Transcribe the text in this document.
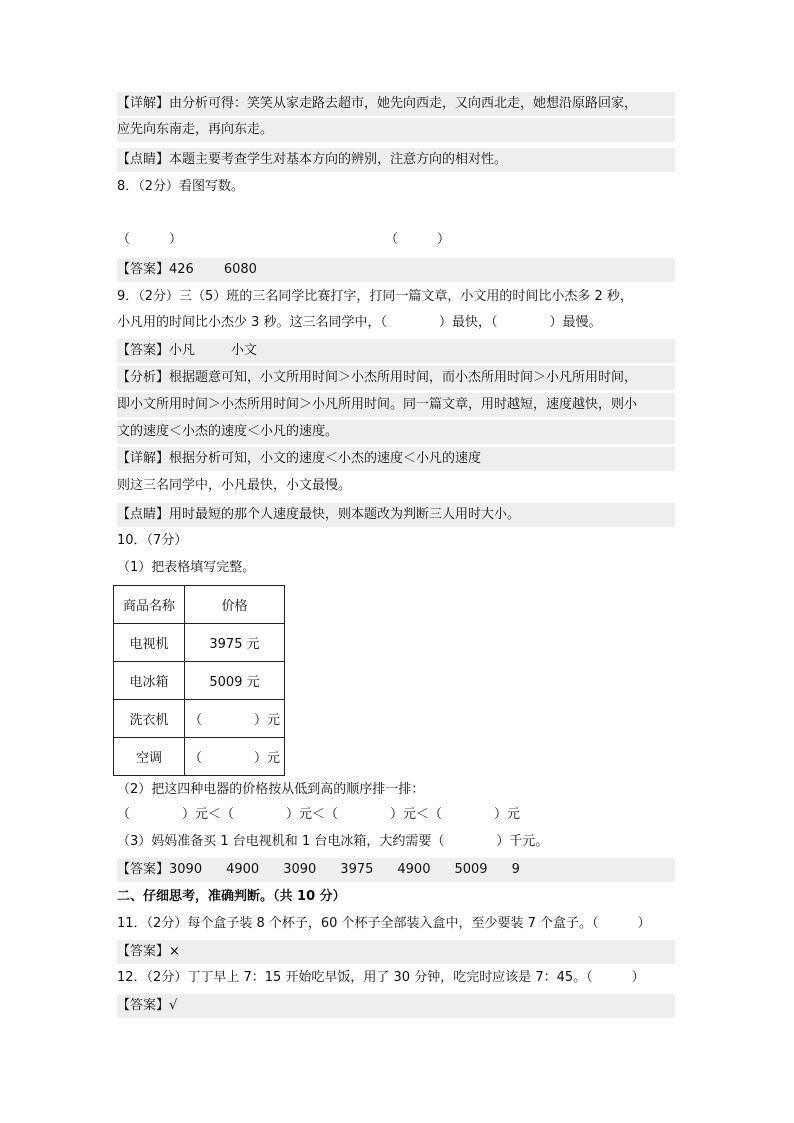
【详解】由分析可得：笑笑从家走路去超市，她先向西走，又向西北走，她想沿原路回家，
应先向东南走，再向东走。
【点睛】本题主要考查学生对基本方向的辨别，注意方向的相对性。
8．（2分）看图写数。
（　　　）	（　　　）
【答案】426 6080
9．（2分）三（5）班的三名同学比赛打字，打同一篇文章，小文用的时间比小杰多 2 秒，
小凡用的时间比小杰少 3 秒。这三名同学中，（　　　　）最快，（　　　　）最慢。
【答案】小凡	小文
【分析】根据题意可知，小文所用时间＞小杰所用时间，而小杰所用时间＞小凡所用时间，
即小文所用时间＞小杰所用时间＞小凡所用时间。同一篇文章，用时越短，速度越快，则小
文的速度＜小杰的速度＜小凡的速度。
【详解】根据分析可知，小文的速度＜小杰的速度＜小凡的速度
则这三名同学中，小凡最快，小文最慢。
【点睛】用时最短的那个人速度最快，则本题改为判断三人用时大小。
10．（7分）
（1）把表格填写完整。
商品名称	价格
电视机	3975 元
电冰箱	5009 元
洗衣机	（　　　　）元
空调	（　　　　）元
（2）把这四种电器的价格按从低到高的顺序排一排：
（　　　　）元＜（　　　　）元＜（　　　　）元＜（　　　　）元
（3）妈妈准备买 1 台电视机和 1 台电冰箱，大约需要（　　　　）千元。
【答案】3090 4900 3090 3975 4900 5009 9
二、仔细思考，准确判断。（共 10 分）
11．（2分）每个盒子装 8 个杯子，60 个杯子全部装入盒中，至少要装 7 个盒子。（　　　）
【答案】×
12．（2分）丁丁早上 7：15 开始吃早饭，用了 30 分钟，吃完时应该是 7：45。（　　　）
【答案】√
